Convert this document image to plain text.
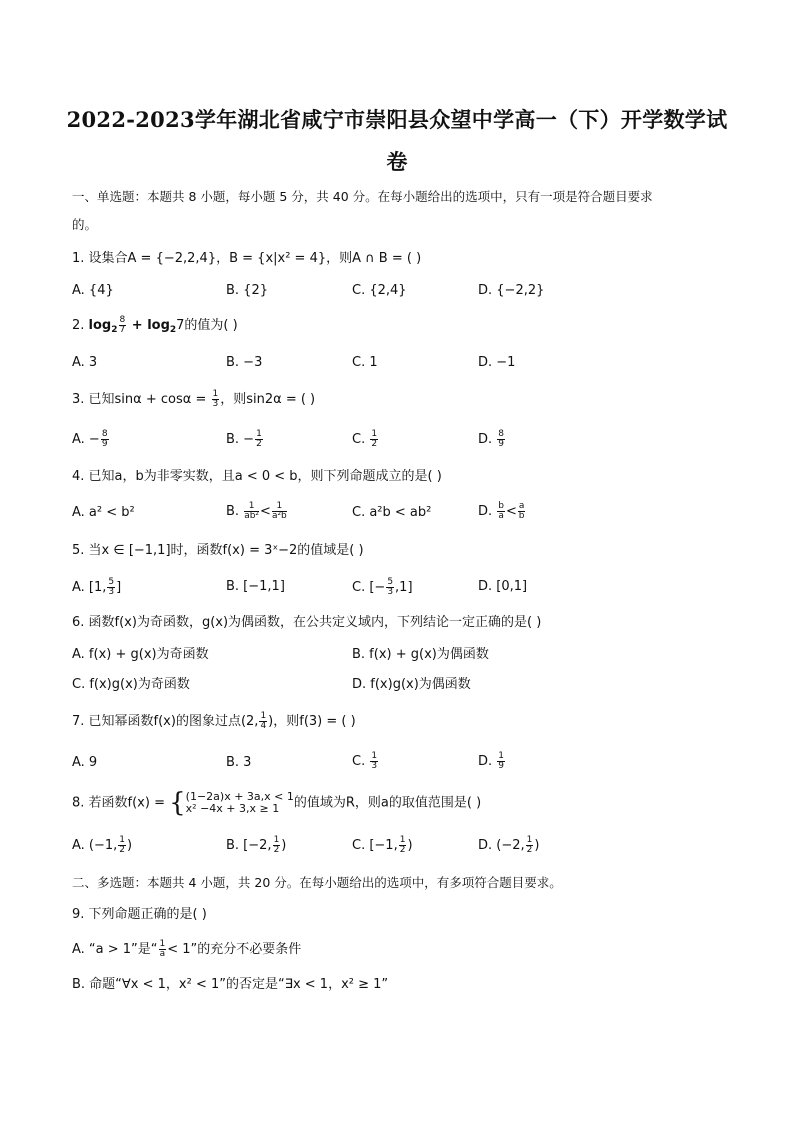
2022-2023学年湖北省咸宁市崇阳县众望中学高一（下）开学数学试
卷
一、单选题：本题共 8 小题，每小题 5 分，共 40 分。在每小题给出的选项中，只有一项是符合题目要求
的。
1. 设集合A = {−2,2,4}，B = {x|x² = 4}，则A ∩ B = ( )
A. {4}	B. {2}	C. {2,4}	D. {−2,2}
2. $\log_2 \frac{8}{7} + \log_27$的值为( )
A. 3	B. −3	C. 1	D. −1
3. 已知$\sin\alpha + \cos\alpha = \frac{1}{3}$ ，则sin2α = ( )
A. − $\frac{8}{9}$	B. − $\frac{1}{2}$	C. $\frac{1}{2}$	D. $\frac{8}{9}$
4. 已知a，b为非零实数，且a < 0 < b，则下列命题成立的是( )
A. a² < b²	B. $\frac{1}{\text{ab²}} < \frac{1}{\text{a²b}}$	C. a²b < ab²	D. $\frac{b}{a} < \frac{a}{b}$
5. 当x ∈ [−1,1]时，函数f(x) = 3ˣ−2的值域是( )
A. [1, $\frac{5}{3}$ ]	B. [−1,1]	C. [− $\frac{5}{3} ,1$]	D. [0,1]
6. 函数f(x)为奇函数，g(x)为偶函数，在公共定义域内，下列结论一定正确的是( )
A. f(x) + g(x)为奇函数	B. f(x) + g(x)为偶函数
C. f(x)g(x)为奇函数	D. f(x)g(x)为偶函数
7. 已知幂函数f(x)的图象过点(2, $\frac{1}{4}$ )，则f(3) = ( )
A. 9	B. 3	C. $\frac{1}{3}$	D. $\frac{1}{9}$
8. 若函数f(x) = { (1−2a)x + 3a,x < 1
x² −4x + 3,x ≥ 1	的值域为R，则a的取值范围是( )
A. (−1, $\frac{1}{2}$ )	B. [−2, $\frac{1}{2}$ )	C. [−1, $\frac{1}{2}$ )	D. (−2, $\frac{1}{2}$ )
二、多选题：本题共 4 小题，共 20 分。在每小题给出的选项中，有多项符合题目要求。
9. 下列命题正确的是( )
A. “a > 1”是“ $\frac{1}{a} < 1$”的充分不必要条件
B. 命题“∀x < 1，x² < 1”的否定是“∃x < 1，x² ≥ 1”
